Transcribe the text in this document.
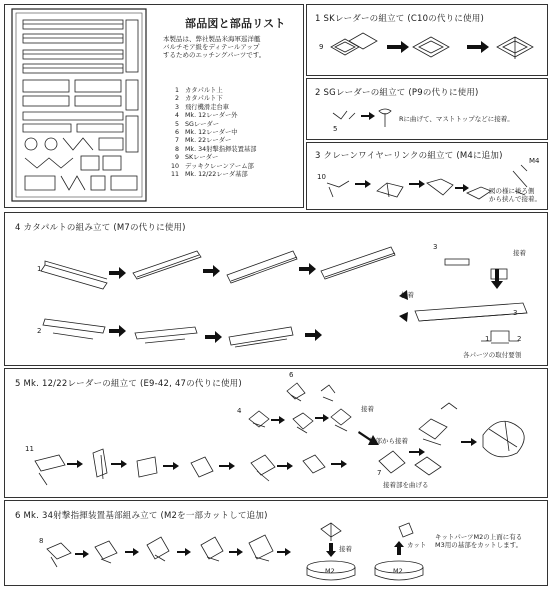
部品図と部品リスト
本製品は、弊社製品米海軍巡洋艦
バルチモア級をディテールアップ
するためのエッチングパーツです。
1 カタパルト上
2 カタパルト下
3 飛行機滑走台車
4 Mk. 12レーダー外
5 SGレーダー
6 Mk. 12レーダー中
7 Mk. 22レーダー
8 Mk. 34射撃指揮装置基部
9 SKレーダー
10 デッキクレーンアーム部
11 Mk. 12/22レーダ基部
1 SKレーダーの組立て (C10の代りに使用)
9
2 SGレーダーの組立て (P9の代りに使用)
5
Rに曲げて、マストトップなどに接着。
3 クレーンワイヤーリンクの組立て (M4に追加)
10
M4
図の様に後ろ側
から挟んで接着。
4 カタパルトの組み立て (M7の代りに使用)
1
2
3
3
1	2
接着
接着
各パーツの取付要領
5 Mk. 12/22レーダーの組立て (E9-42, 47の代りに使用)
6
4
11
7
接着
後部から接着
接着部を曲げる
6 Mk. 34射撃指揮装置基部組み立て (M2を一部カットして追加)
8
接着	カット
M2	M2
キットパーツM2の上面に有る
M3用の基部をカットします。
